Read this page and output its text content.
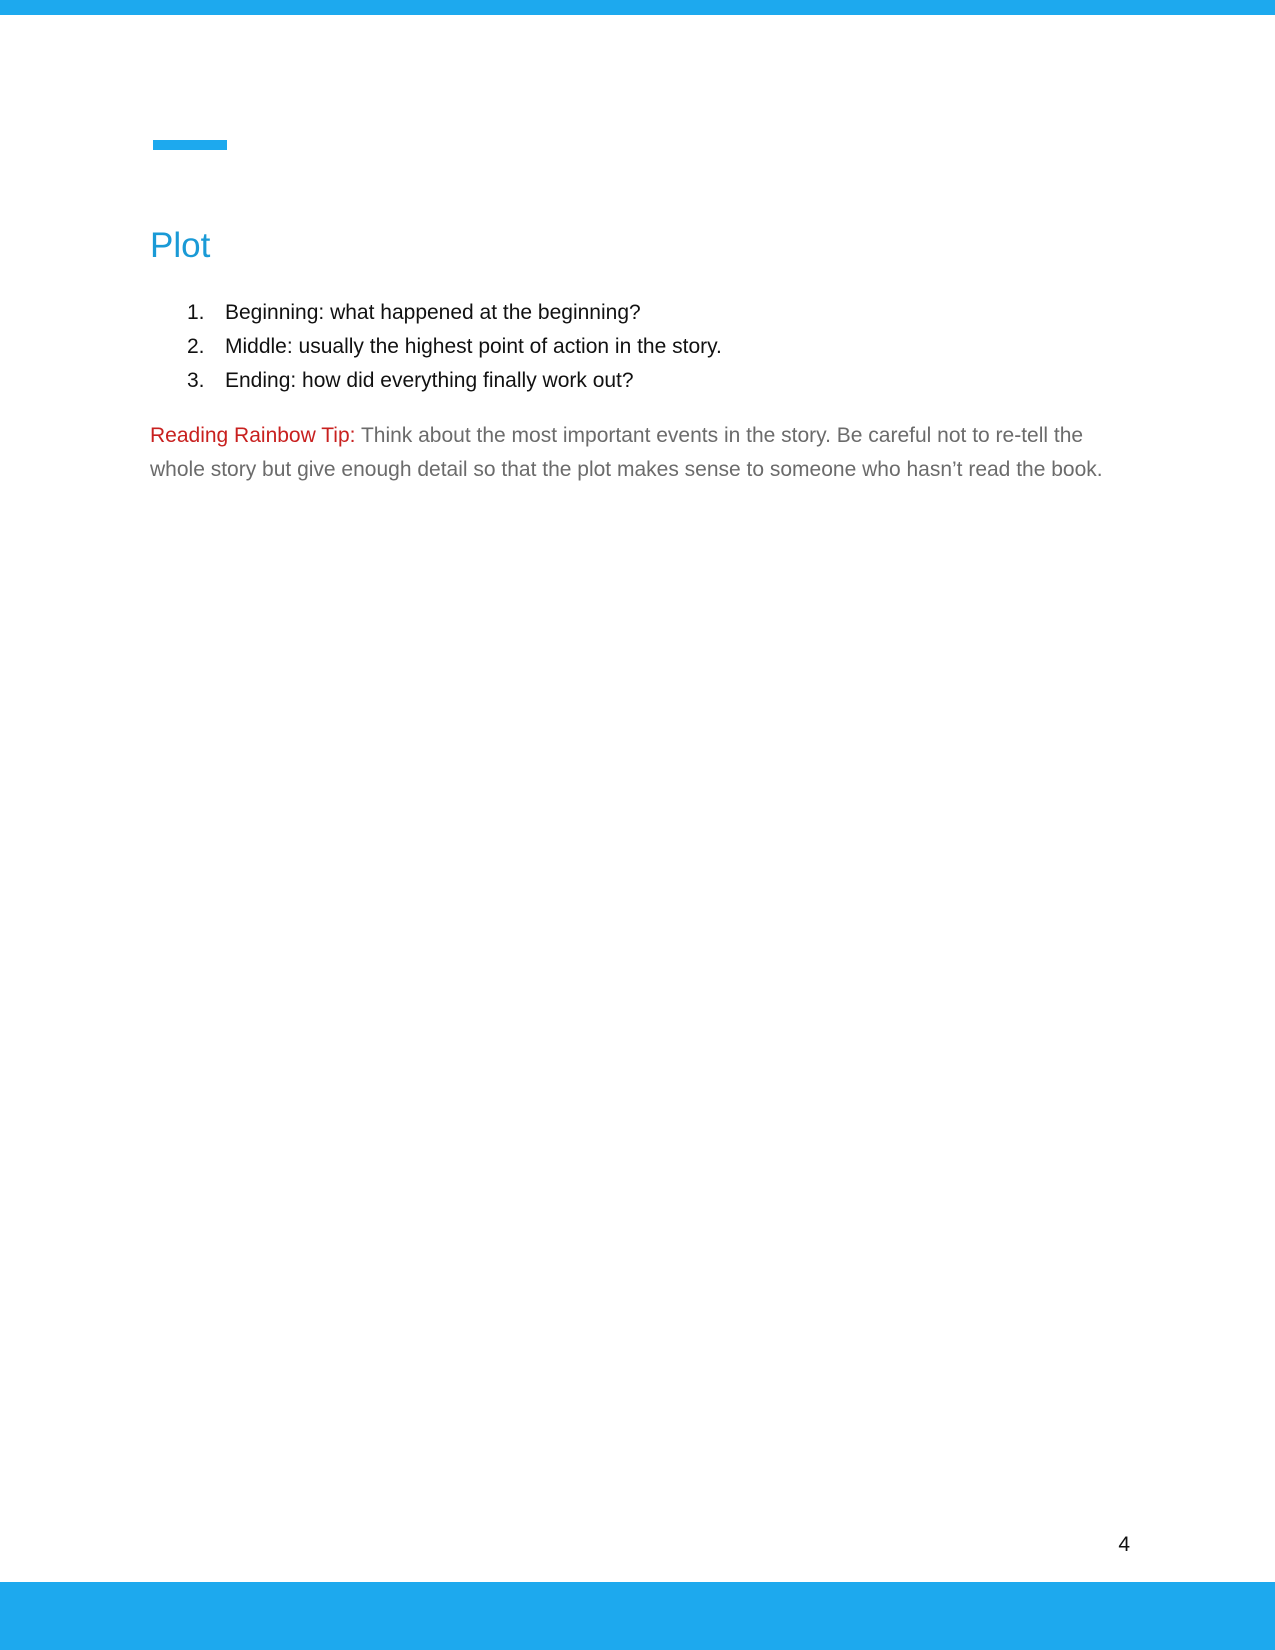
Plot
1. Beginning: what happened at the beginning?
2. Middle: usually the highest point of action in the story.
3. Ending: how did everything finally work out?

Reading Rainbow Tip: Think about the most important events in the story. Be careful not to re-tell the whole story but give enough detail so that the plot makes sense to someone who hasn’t read the book.

4
